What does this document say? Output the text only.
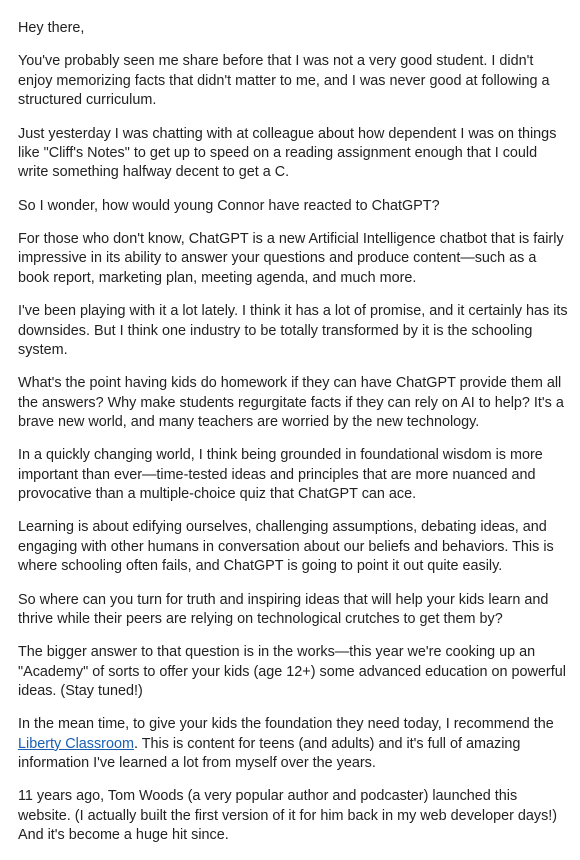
Hey there,

You've probably seen me share before that I was not a very good student. I didn't enjoy memorizing facts that didn't matter to me, and I was never good at following a structured curriculum.

Just yesterday I was chatting with at colleague about how dependent I was on things like "Cliff's Notes" to get up to speed on a reading assignment enough that I could write something halfway decent to get a C.

So I wonder, how would young Connor have reacted to ChatGPT?

For those who don't know, ChatGPT is a new Artificial Intelligence chatbot that is fairly impressive in its ability to answer your questions and produce content—such as a book report, marketing plan, meeting agenda, and much more.

I've been playing with it a lot lately. I think it has a lot of promise, and it certainly has its downsides. But I think one industry to be totally transformed by it is the schooling system.

What's the point having kids do homework if they can have ChatGPT provide them all the answers? Why make students regurgitate facts if they can rely on AI to help? It's a brave new world, and many teachers are worried by the new technology.

In a quickly changing world, I think being grounded in foundational wisdom is more important than ever—time-tested ideas and principles that are more nuanced and provocative than a multiple-choice quiz that ChatGPT can ace.

Learning is about edifying ourselves, challenging assumptions, debating ideas, and engaging with other humans in conversation about our beliefs and behaviors. This is where schooling often fails, and ChatGPT is going to point it out quite easily.

So where can you turn for truth and inspiring ideas that will help your kids learn and thrive while their peers are relying on technological crutches to get them by?

The bigger answer to that question is in the works—this year we're cooking up an "Academy" of sorts to offer your kids (age 12+) some advanced education on powerful ideas. (Stay tuned!)

In the mean time, to give your kids the foundation they need today, I recommend the Liberty Classroom. This is content for teens (and adults) and it's full of amazing information I've learned a lot from myself over the years.

11 years ago, Tom Woods (a very popular author and podcaster) launched this website. (I actually built the first version of it for him back in my web developer days!) And it's become a huge hit since.
